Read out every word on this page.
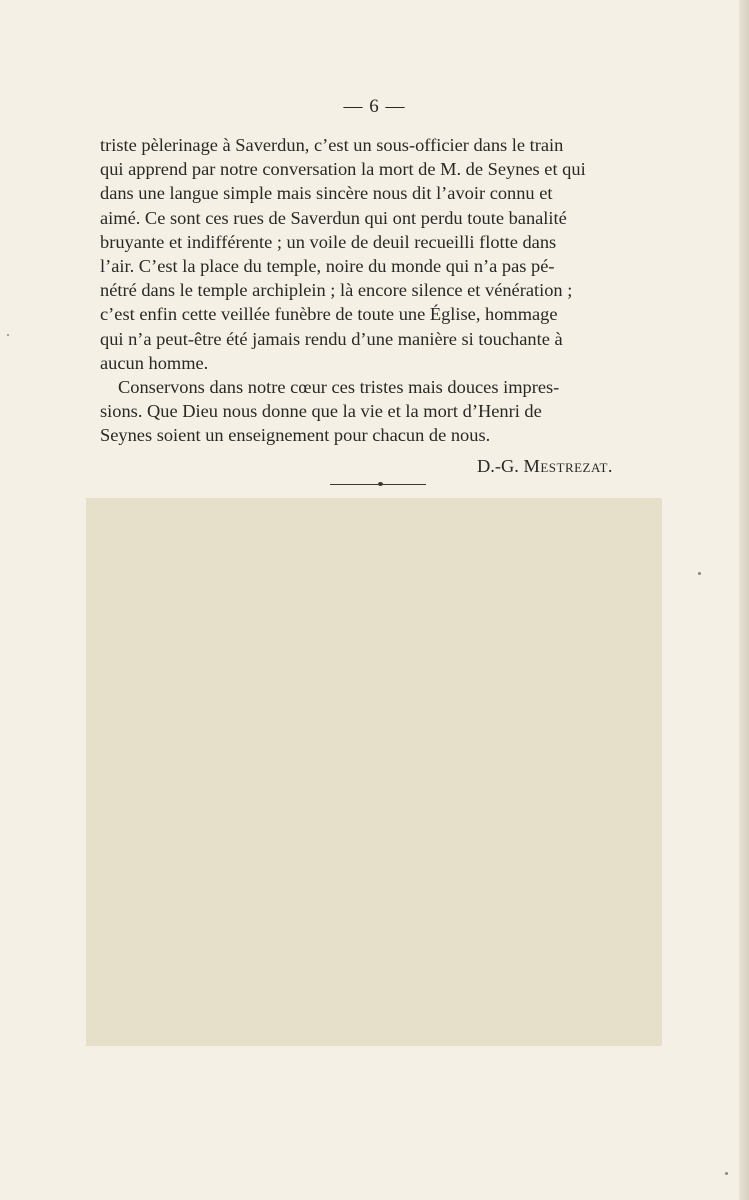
— 6 —
triste pèlerinage à Saverdun, c’est un sous-officier dans le train
qui apprend par notre conversation la mort de M. de Seynes et qui
dans une langue simple mais sincère nous dit l’avoir connu et
aimé. Ce sont ces rues de Saverdun qui ont perdu toute banalité
bruyante et indifférente ; un voile de deuil recueilli flotte dans
l’air. C’est la place du temple, noire du monde qui n’a pas pé-
nétré dans le temple archiplein ; là encore silence et vénération ;
c’est enfin cette veillée funèbre de toute une Église, hommage
qui n’a peut-être été jamais rendu d’une manière si touchante à
aucun homme.
Conservons dans notre cœur ces tristes mais douces impres-
sions. Que Dieu nous donne que la vie et la mort d’Henri de
Seynes soient un enseignement pour chacun de nous.
D.-G. Mestrezat.
